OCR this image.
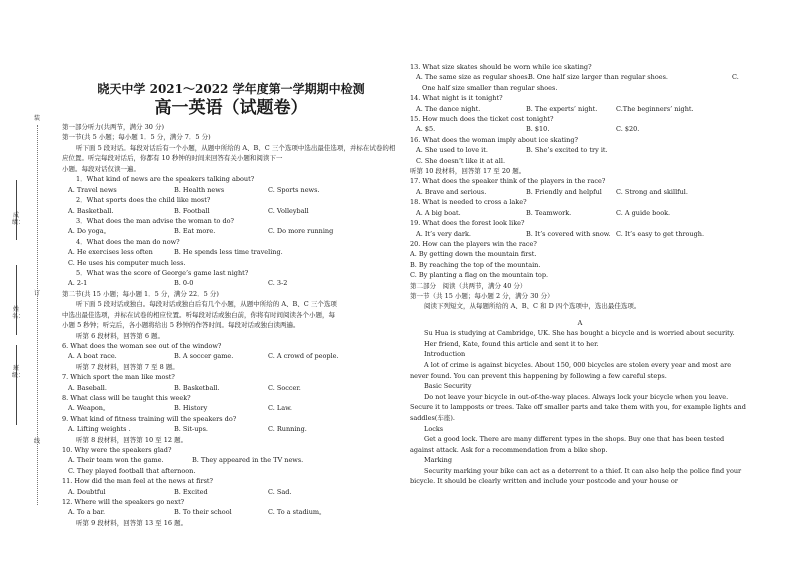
装
成绩：
订
姓名：
班级：
线
晓天中学 2021～2022 学年度第一学期期中检测
高一英语（试题卷）
第一部分听力(共两节，满分 30 分)
第一节(共 5 小题；每小题 1．5 分，满分 7．5 分)
听下面 5 段对话。每段对话后有一个小题，从题中所给的 A、B、C 三个选项中选出最佳选项，并标在试卷的相应位置。听完每段对话后，你都有 10 秒钟的时间来回答有关小题和阅读下一
小题。每段对话仅读一遍。
1．What kind of news are the speakers talking about?
A. Travel news	B. Health news	C. Sports news.
2．What sports does the child like most?
A. Basketball.	B. Football	C. Volleyball
3．What does the man advise the woman to do?
A. Do yoga。	B. Eat more.	C. Do more running
4．What does the man do now?
A. He exercises less often	B. He spends less time traveling.
C. He uses his computer much less.
5．What was the score of George’s game last night?
A. 2-1	B. 0-0	C. 3-2
第二节(共 15 小题；每小题 1．5 分，满分 22．5 分)
听下面 5 段对话或独白。每段对话或独白后有几个小题，从题中所给的 A、B、C 三个选项
中选出最佳选项，并标在试卷的相应位置。听每段对话或独白前，你将有时间阅读各个小题，每
小题 5 秒钟；听完后，各小题将给出 5 秒钟的作答时间。每段对话或独白读两遍。
听第 6 段材料，回答第 6 题。
6. What does the woman see out of the window?
A. A boat race.	B. A soccer game.	C. A crowd of people.
听第 7 段材料，回答第 7 至 8 题。
7. Which sport the man like most?
A. Baseball.	B. Basketball.	C. Soccer.
8. What class will be taught this week?
A. Weapon。	B. History	C. Law.
9. What kind of fitness training will the speakers do?
A. Lifting weights .	B. Sit-ups.	C. Running.
听第 8 段材料，回答第 10 至 12 题。
10. Why were the speakers glad?
A. Their team won the game.	B. They appeared in the TV news.
C. They played football that afternoon.
11. How did the man feel at the news at first?
A. Doubtful	B. Excited	C. Sad.
12. Where will the speakers go next?
A. To a bar.	B. To their school	C. To a stadium。
听第 9 段材料，回答第 13 至 16 题。
13. What size skates should be worn while ice skating?
A. The same size as regular shoes.
B. One half size larger than regular shoes.	C.
One half size smaller than regular shoes.
14. What night is it tonight?
A. The dance night.	B. The experts’ night.	C.The beginners’ night.
15. How much does the ticket cost tonight?
A. $5.	B. $10.	C. $20.
16. What does the woman imply about ice skating?
A. She used to love it.	B. She’s excited to try it.
C. She doesn’t like it at all.
听第 10 段材料，回答第 17 至 20 题。
17. What does the speaker think of the players in the race?
A. Brave and serious.	B. Friendly and helpful	C. Strong and skillful.
18. What is needed to cross a lake?
A. A big boat.	B. Teamwork.	C. A guide book.
19. What does the forest look like?
A. It’s very dark.	B. It’s covered with snow. C. It’s easy to get through.
20. How can the players win the race?
A. By getting down the mountain first.
B. By reaching the top of the mountain.
C. By planting a flag on the mountain top.
第二部分　阅读（共两节，满分 40 分）
第一节（共 15 小题；每小题 2 分，满分 30 分）
阅读下列短文，从每题所给的 A、B、C 和 D 四个选项中，选出最佳选项。
A
Su Hua is studying at Cambridge, UK. She has bought a bicycle and is worried about security.
Her friend, Kate, found this article and sent it to her.
Introduction
A lot of crime is against bicycles. About 150, 000 bicycles are stolen every year and most are never found. You can prevent this happening by following a few careful steps.
Basic Security
Do not leave your bicycle in out-of-the-way places. Always lock your bicycle when you leave. Secure it to lampposts or trees. Take off smaller parts and take them with you, for example lights and saddles(车座).
Locks
Get a good lock. There are many different types in the shops. Buy one that has been tested against attack. Ask for a recommendation from a bike shop.
Marking
Security marking your bike can act as a deterrent to a thief. It can also help the police find your bicycle. It should be clearly written and include your postcode and your house or
